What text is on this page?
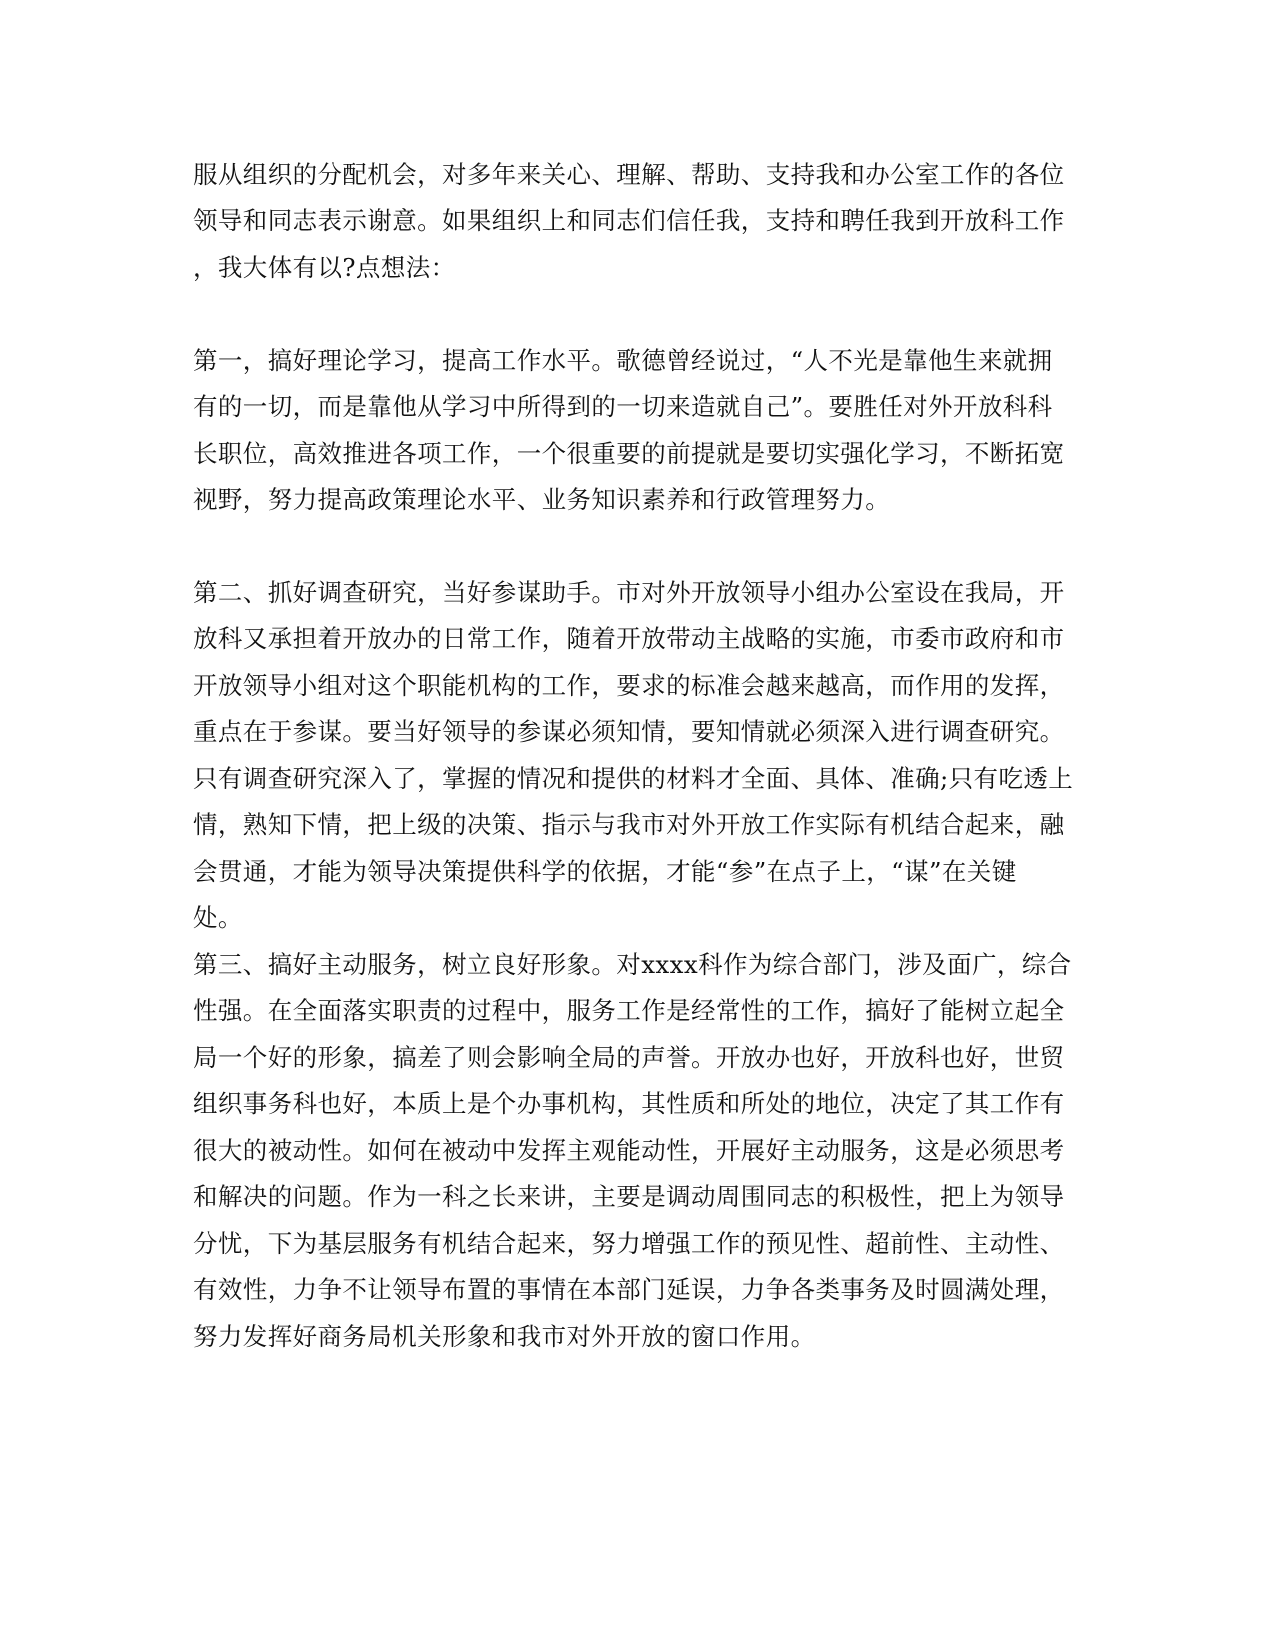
服从组织的分配机会，对多年来关心、理解、帮助、支持我和办公室工作的各位
领导和同志表示谢意。如果组织上和同志们信任我，支持和聘任我到开放科工作
，我大体有以?点想法：
第一，搞好理论学习，提高工作水平。歌德曾经说过，“人不光是靠他生来就拥
有的一切，而是靠他从学习中所得到的一切来造就自己”。要胜任对外开放科科
长职位，高效推进各项工作，一个很重要的前提就是要切实强化学习，不断拓宽
视野，努力提高政策理论水平、业务知识素养和行政管理努力。
第二、抓好调查研究，当好参谋助手。市对外开放领导小组办公室设在我局，开
放科又承担着开放办的日常工作，随着开放带动主战略的实施，市委市政府和市
开放领导小组对这个职能机构的工作，要求的标准会越来越高，而作用的发挥，
重点在于参谋。要当好领导的参谋必须知情，要知情就必须深入进行调查研究。
只有调查研究深入了，掌握的情况和提供的材料才全面、具体、准确;只有吃透上
情，熟知下情，把上级的决策、指示与我市对外开放工作实际有机结合起来，融
会贯通，才能为领导决策提供科学的依据，才能“参”在点子上，“谋”在关键
处。
第三、搞好主动服务，树立良好形象。对xxxx科作为综合部门，涉及面广，综合
性强。在全面落实职责的过程中，服务工作是经常性的工作，搞好了能树立起全
局一个好的形象，搞差了则会影响全局的声誉。开放办也好，开放科也好，世贸
组织事务科也好，本质上是个办事机构，其性质和所处的地位，决定了其工作有
很大的被动性。如何在被动中发挥主观能动性，开展好主动服务，这是必须思考
和解决的问题。作为一科之长来讲，主要是调动周围同志的积极性，把上为领导
分忧，下为基层服务有机结合起来，努力增强工作的预见性、超前性、主动性、
有效性，力争不让领导布置的事情在本部门延误，力争各类事务及时圆满处理，
努力发挥好商务局机关形象和我市对外开放的窗口作用。
